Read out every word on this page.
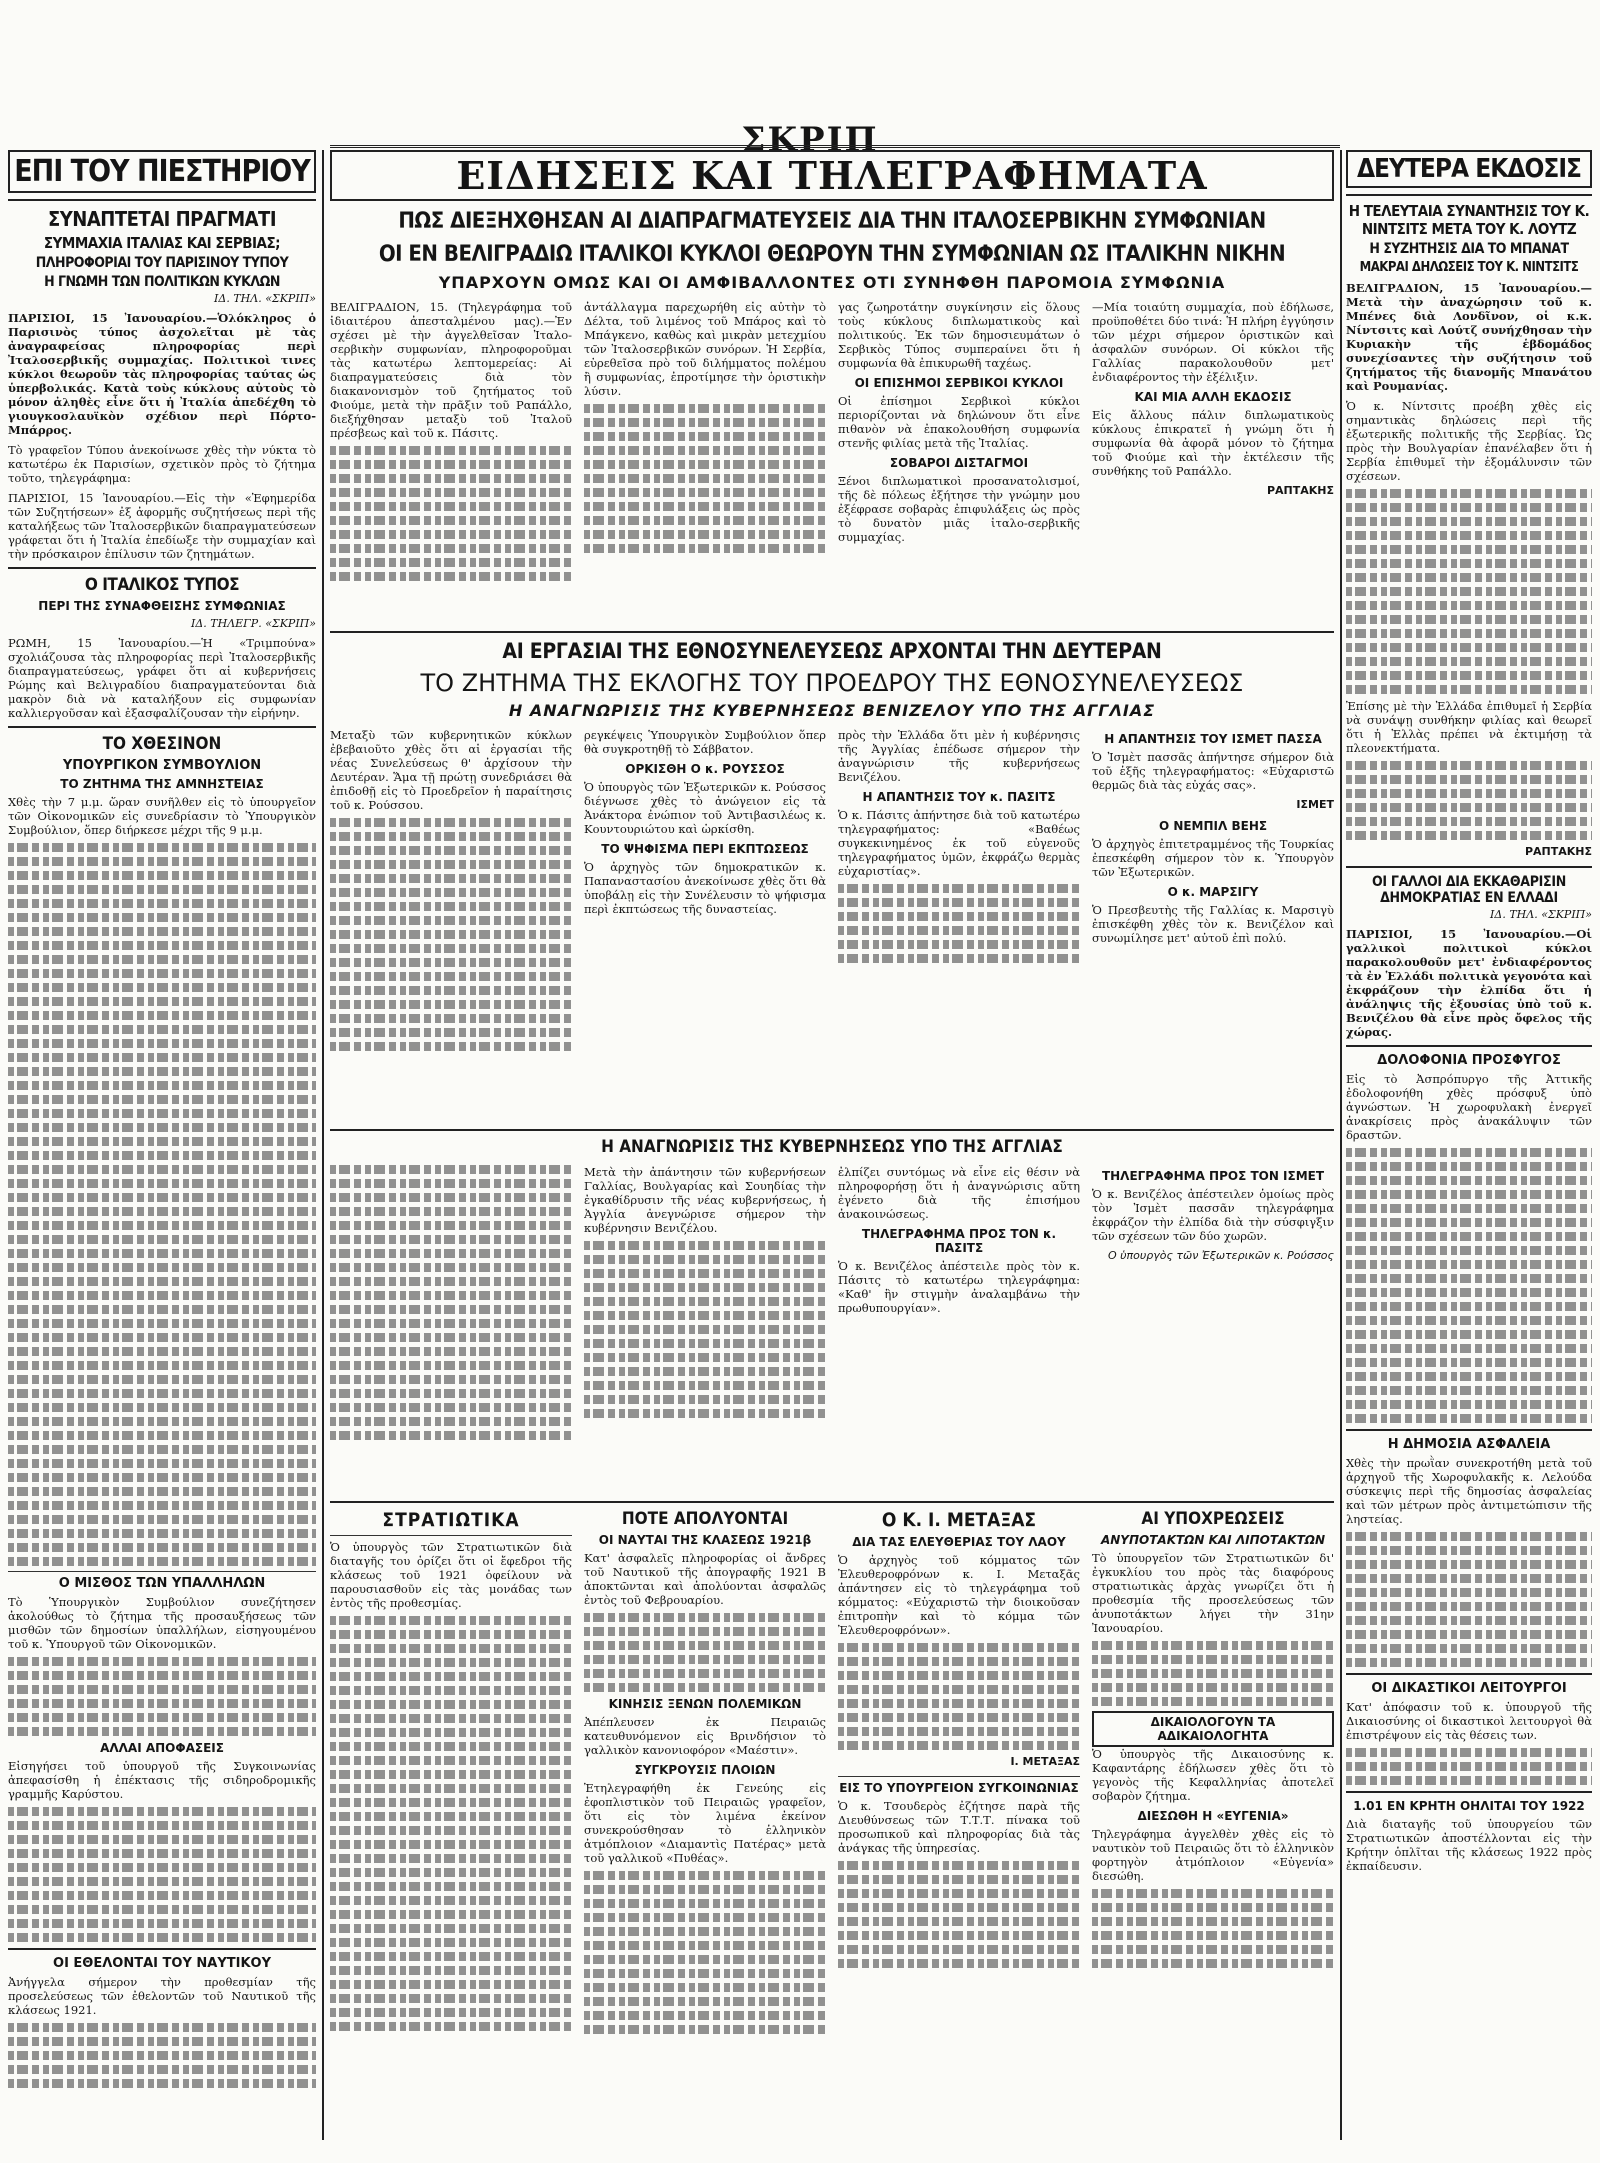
ΣΚΡΙΠ
ΕΠΙ ΤΟΥ ΠΙΕΣΤΗΡΙΟΥ
ΣΥΝΑΠΤΕΤΑΙ ΠΡΑΓΜΑΤΙ
ΣΥΜΜΑΧΙΑ ΙΤΑΛΙΑΣ ΚΑΙ ΣΕΡΒΙΑΣ;
ΠΛΗΡΟΦΟΡΙΑΙ ΤΟΥ ΠΑΡΙΣΙΝΟΥ ΤΥΠΟΥ
Η ΓΝΩΜΗ ΤΩΝ ΠΟΛΙΤΙΚΩΝ ΚΥΚΛΩΝ
ΙΔ. ΤΗΛ. «ΣΚΡΙΠ»

ΠΑΡΙΣΙΟΙ, 15 Ἰανουαρίου.—Ὁλόκληρος ὁ Παρισινὸς τύπος ἀσχολεῖται μὲ τὰς ἀναγραφείσας πληροφορίας περὶ Ἰταλοσερβικῆς συμμαχίας. Πολιτικοὶ τινες κύκλοι θεωροῦν τὰς πληροφορίας ταύτας ὡς ὑπερβολικάς. Κατὰ τοὺς κύκλους αὐτοὺς τὸ μόνον ἀληθὲς εἶνε ὅτι ἡ Ἰταλία ἀπεδέχθη τὸ γιουγκοσλαυϊκὸν σχέδιον περὶ Πόρτο-Μπάρρος.

Τὸ γραφεῖον Τύπου ἀνεκοίνωσε χθὲς τὴν νύκτα τὸ κατωτέρω ἐκ Παρισίων, σχετικὸν πρὸς τὸ ζήτημα τοῦτο, τηλεγράφημα:

ΠΑΡΙΣΙΟΙ, 15 Ἰανουαρίου.—Εἰς τὴν «Ἐφημερίδα τῶν Συζητήσεων» ἐξ ἀφορμῆς συζητήσεως περὶ τῆς καταλήξεως τῶν Ἰταλοσερβικῶν διαπραγματεύσεων γράφεται ὅτι ἡ Ἰταλία ἐπεδίωξε τὴν συμμαχίαν καὶ τὴν πρόσκαιρον ἐπίλυσιν τῶν ζητημάτων.

Ο ΙΤΑΛΙΚΟΣ ΤΥΠΟΣ
ΠΕΡΙ ΤΗΣ ΣΥΝΑΦΘΕΙΣΗΣ ΣΥΜΦΩΝΙΑΣ
ΙΔ. ΤΗΛΕΓΡ. «ΣΚΡΙΠ»

ΡΩΜΗ, 15 Ἰανουαρίου.—Ἡ «Τριμπούνα» σχολιάζουσα τὰς πληροφορίας περὶ Ἰταλοσερβικῆς διαπραγματεύσεως, γράφει ὅτι αἱ κυβερνήσεις Ρώμης καὶ Βελιγραδίου διαπραγματεύονται διὰ μακρὸν διὰ νὰ καταλήξουν εἰς συμφωνίαν καλλιεργοῦσαν καὶ ἐξασφαλίζουσαν τὴν εἰρήνην.

ΤΟ ΧΘΕΣΙΝΟΝ
ΥΠΟΥΡΓΙΚΟΝ ΣΥΜΒΟΥΛΙΟΝ
ΤΟ ΖΗΤΗΜΑ ΤΗΣ ΑΜΝΗΣΤΕΙΑΣ

Χθὲς τὴν 7 μ.μ. ὥραν συνῆλθεν εἰς τὸ ὑπουργεῖον τῶν Οἰκονομικῶν εἰς συνεδρίασιν τὸ Ὑπουργικὸν Συμβούλιον, ὅπερ διήρκεσε μέχρι τῆς 9 μ.μ.

Ο ΜΙΣΘΟΣ ΤΩΝ ΥΠΑΛΛΗΛΩΝ

Τὸ Ὑπουργικὸν Συμβούλιον συνεζήτησεν ἀκολούθως τὸ ζήτημα τῆς προσαυξήσεως τῶν μισθῶν τῶν δημοσίων ὑπαλλήλων, εἰσηγουμένου τοῦ κ. Ὑπουργοῦ τῶν Οἰκονομικῶν.

ΑΛΛΑΙ ΑΠΟΦΑΣΕΙΣ

Εἰσηγήσει τοῦ ὑπουργοῦ τῆς Συγκοινωνίας ἀπεφασίσθη ἡ ἐπέκτασις τῆς σιδηροδρομικῆς γραμμῆς Καρύστου.

ΟΙ ΕΘΕΛΟΝΤΑΙ ΤΟΥ ΝΑΥΤΙΚΟΥ

Ἀνήγγελα σήμερον τὴν προθεσμίαν τῆς προσελεύσεως τῶν ἐθελοντῶν τοῦ Ναυτικοῦ τῆς κλάσεως 1921.

ΕΙΔΗΣΕΙΣ ΚΑΙ ΤΗΛΕΓΡΑΦΗΜΑΤΑ
ΠΩΣ ΔΙΕΞΗΧΘΗΣΑΝ ΑΙ ΔΙΑΠΡΑΓΜΑΤΕΥΣΕΙΣ ΔΙΑ ΤΗΝ ΙΤΑΛΟΣΕΡΒΙΚΗΝ ΣΥΜΦΩΝΙΑΝ
ΟΙ ΕΝ ΒΕΛΙΓΡΑΔΙΩ ΙΤΑΛΙΚΟΙ ΚΥΚΛΟΙ ΘΕΩΡΟΥΝ ΤΗΝ ΣΥΜΦΩΝΙΑΝ ΩΣ ΙΤΑΛΙΚΗΝ ΝΙΚΗΝ
ΥΠΑΡΧΟΥΝ ΟΜΩΣ ΚΑΙ ΟΙ ΑΜΦΙΒΑΛΛΟΝΤΕΣ ΟΤΙ ΣΥΝΗΦΘΗ ΠΑΡΟΜΟΙΑ ΣΥΜΦΩΝΙΑ

ΒΕΛΙΓΡΑΔΙΟΝ, 15. (Τηλεγράφημα τοῦ ἰδιαιτέρου ἀπεσταλμένου μας).—Ἐν σχέσει μὲ τὴν ἀγγελθεῖσαν Ἰταλο-σερβικὴν συμφωνίαν, πληροφοροῦμαι τὰς κατωτέρω λεπτομερείας: Αἱ διαπραγματεύσεις διὰ τὸν διακανονισμὸν τοῦ ζητήματος τοῦ Φιούμε, μετὰ τὴν πρᾶξιν τοῦ Ραπάλλο, διεξήχθησαν μεταξὺ τοῦ Ἰταλοῦ πρέσβεως καὶ τοῦ κ. Πάσιτς.

ἀντάλλαγμα παρεχωρήθη εἰς αὐτὴν τὸ Δέλτα, τοῦ λιμένος τοῦ Μπάρος καὶ τὸ Μπάγκενο, καθὼς καὶ μικρὰν μετεχμίου τῶν Ἰταλοσερβικῶν συνόρων. Ἡ Σερβία, εὑρεθεῖσα πρὸ τοῦ διλήμματος πολέμου ἢ συμφωνίας, ἐπροτίμησε τὴν ὁριστικὴν λύσιν.

γας ζωηροτάτην συγκίνησιν εἰς ὅλους τοὺς κύκλους διπλωματικοὺς καὶ πολιτικούς. Ἐκ τῶν δημοσιευμάτων ὁ Σερβικὸς Τύπος συμπεραίνει ὅτι ἡ συμφωνία θὰ ἐπικυρωθῆ ταχέως.

ΟΙ ΕΠΙΣΗΜΟΙ ΣΕΡΒΙΚΟΙ ΚΥΚΛΟΙ

Οἱ ἐπίσημοι Σερβικοὶ κύκλοι περιορίζονται νὰ δηλώνουν ὅτι εἶνε πιθανὸν νὰ ἐπακολουθήση συμφωνία στενῆς φιλίας μετὰ τῆς Ἰταλίας.

ΣΟΒΑΡΟΙ ΔΙΣΤΑΓΜΟΙ

Ξένοι διπλωματικοὶ προσανατολισμοί, τῆς δὲ πόλεως ἐξήτησε τὴν γνώμην μου ἐξέφρασε σοβαρὰς ἐπιφυλάξεις ὡς πρὸς τὸ δυνατὸν μιᾶς ἰταλο-σερβικῆς συμμαχίας.

—Μία τοιαύτη συμμαχία, ποὺ ἐδήλωσε, προϋποθέτει δύο τινά: Ἡ πλήρη ἐγγύησιν τῶν μέχρι σήμερον ὁριστικῶν καὶ ἀσφαλῶν συνόρων. Οἱ κύκλοι τῆς Γαλλίας παρακολουθοῦν μετ' ἐνδιαφέροντος τὴν ἐξέλιξιν.

ΚΑΙ ΜΙΑ ΑΛΛΗ ΕΚΔΟΣΙΣ

Εἰς ἄλλους πάλιν διπλωματικοὺς κύκλους ἐπικρατεῖ ἡ γνώμη ὅτι ἡ συμφωνία θὰ ἀφορᾶ μόνον τὸ ζήτημα τοῦ Φιούμε καὶ τὴν ἐκτέλεσιν τῆς συνθήκης τοῦ Ραπάλλο.

ΡΑΠΤΑΚΗΣ
ΑΙ ΕΡΓΑΣΙΑΙ ΤΗΣ ΕΘΝΟΣΥΝΕΛΕΥΣΕΩΣ ΑΡΧΟΝΤΑΙ ΤΗΝ ΔΕΥΤΕΡΑΝ
ΤΟ ΖΗΤΗΜΑ ΤΗΣ ΕΚΛΟΓΗΣ ΤΟΥ ΠΡΟΕΔΡΟΥ ΤΗΣ ΕΘΝΟΣΥΝΕΛΕΥΣΕΩΣ
Η ΑΝΑΓΝΩΡΙΣΙΣ ΤΗΣ ΚΥΒΕΡΝΗΣΕΩΣ ΒΕΝΙΖΕΛΟΥ ΥΠΟ ΤΗΣ ΑΓΓΛΙΑΣ

Μεταξὺ τῶν κυβερνητικῶν κύκλων ἐβεβαιοῦτο χθὲς ὅτι αἱ ἐργασίαι τῆς νέας Συνελεύσεως θ' ἀρχίσουν τὴν Δευτέραν. Ἅμα τῇ πρώτῃ συνεδριάσει θὰ ἐπιδοθῇ εἰς τὸ Προεδρεῖον ἡ παραίτησις τοῦ κ. Ρούσσου.

ρεγκέψεις Ὑπουργικὸν Συμβούλιον ὅπερ θὰ συγκροτηθῇ τὸ Σάββατον.

ΟΡΚΙΣΘΗ Ο κ. ΡΟΥΣΣΟΣ

Ὁ ὑπουργὸς τῶν Ἐξωτερικῶν κ. Ρούσσος διέγνωσε χθὲς τὸ ἀνώγειον εἰς τὰ Ἀνάκτορα ἐνώπιον τοῦ Ἀντιβασιλέως κ. Κουντουριώτου καὶ ὡρκίσθη.

ΤΟ ΨΗΦΙΣΜΑ ΠΕΡΙ ΕΚΠΤΩΣΕΩΣ

Ὁ ἀρχηγὸς τῶν δημοκρατικῶν κ. Παπαναστασίου ἀνεκοίνωσε χθὲς ὅτι θὰ ὑποβάλῃ εἰς τὴν Συνέλευσιν τὸ ψήφισμα περὶ ἐκπτώσεως τῆς δυναστείας.

πρὸς τὴν Ἑλλάδα ὅτι μὲν ἡ κυβέρνησις τῆς Ἀγγλίας ἐπέδωσε σήμερον τὴν ἀναγνώρισιν τῆς κυβερνήσεως Βενιζέλου.

Η ΑΠΑΝΤΗΣΙΣ ΤΟΥ κ. ΠΑΣΙΤΣ

Ὁ κ. Πάσιτς ἀπήντησε διὰ τοῦ κατωτέρω τηλεγραφήματος: «Βαθέως συγκεκινημένος ἐκ τοῦ εὐγενοῦς τηλεγραφήματος ὑμῶν, ἐκφράζω θερμὰς εὐχαριστίας».

Η ΑΠΑΝΤΗΣΙΣ ΤΟΥ ΙΣΜΕΤ ΠΑΣΣΑ

Ὁ Ἰσμὲτ πασσᾶς ἀπήντησε σήμερον διὰ τοῦ ἑξῆς τηλεγραφήματος: «Εὐχαριστῶ θερμῶς διὰ τὰς εὐχάς σας».

ΙΣΜΕΤ
Ο ΝΕΜΠΙΛ ΒΕΗΣ

Ὁ ἀρχηγὸς ἐπιτετραμμένος τῆς Τουρκίας ἐπεσκέφθη σήμερον τὸν κ. Ὑπουργὸν τῶν Ἐξωτερικῶν.

Ο κ. ΜΑΡΣΙΓΥ

Ὁ Πρεσβευτὴς τῆς Γαλλίας κ. Μαρσιγὺ ἐπισκέφθη χθὲς τὸν κ. Βενιζέλον καὶ συνωμίλησε μετ' αὐτοῦ ἐπὶ πολύ.

Η ΑΝΑΓΝΩΡΙΣΙΣ ΤΗΣ ΚΥΒΕΡΝΗΣΕΩΣ ΥΠΟ ΤΗΣ ΑΓΓΛΙΑΣ

Μετὰ τὴν ἀπάντησιν τῶν κυβερνήσεων Γαλλίας, Βουλγαρίας καὶ Σουηδίας τὴν ἐγκαθίδρυσιν τῆς νέας κυβερνήσεως, ἡ Ἀγγλία ἀνεγνώρισε σήμερον τὴν κυβέρνησιν Βενιζέλου.

ἐλπίζει συντόμως νὰ εἶνε εἰς θέσιν νὰ πληροφορήσῃ ὅτι ἡ ἀναγνώρισις αὕτη ἐγένετο διὰ τῆς ἐπισήμου ἀνακοινώσεως.

ΤΗΛΕΓΡΑΦΗΜΑ ΠΡΟΣ ΤΟΝ κ. ΠΑΣΙΤΣ

Ὁ κ. Βενιζέλος ἀπέστειλε πρὸς τὸν κ. Πάσιτς τὸ κατωτέρω τηλεγράφημα: «Καθ' ἣν στιγμὴν ἀναλαμβάνω τὴν πρωθυπουργίαν».

ΤΗΛΕΓΡΑΦΗΜΑ ΠΡΟΣ ΤΟΝ ΙΣΜΕΤ

Ὁ κ. Βενιζέλος ἀπέστειλεν ὁμοίως πρὸς τὸν Ἰσμὲτ πασσᾶν τηλεγράφημα ἐκφράζον τὴν ἐλπίδα διὰ τὴν σύσφιγξιν τῶν σχέσεων τῶν δύο χωρῶν.

Ο ὑπουργὸς τῶν Ἐξωτερικῶν κ. Ρούσσος
ΣΤΡΑΤΙΩΤΙΚΑ

Ὁ ὑπουργὸς τῶν Στρατιωτικῶν διὰ διαταγῆς του ὁρίζει ὅτι οἱ ἔφεδροι τῆς κλάσεως τοῦ 1921 ὀφείλουν νὰ παρουσιασθοῦν εἰς τὰς μονάδας των ἐντὸς τῆς προθεσμίας.

ΠΟΤΕ ΑΠΟΛΥΟΝΤΑΙ
ΟΙ ΝΑΥΤΑΙ ΤΗΣ ΚΛΑΣΕΩΣ 1921β

Κατ' ἀσφαλεῖς πληροφορίας οἱ ἄνδρες τοῦ Ναυτικοῦ τῆς ἀπογραφῆς 1921 Β ἀποκτῶνται καὶ ἀπολύονται ἀσφαλῶς ἐντὸς τοῦ Φεβρουαρίου.

ΚΙΝΗΣΙΣ ΞΕΝΩΝ ΠΟΛΕΜΙΚΩΝ

Ἀπέπλευσεν ἐκ Πειραιῶς κατευθυνόμενον εἰς Βρινδήσιον τὸ γαλλικὸν κανονιοφόρον «Μαέστιν».

ΣΥΓΚΡΟΥΣΙΣ ΠΛΟΙΩΝ

Ἐτηλεγραφήθη ἐκ Γενεύης εἰς ἐφοπλιστικὸν τοῦ Πειραιῶς γραφεῖον, ὅτι εἰς τὸν λιμένα ἐκείνον συνεκρούσθησαν τὸ ἑλληνικὸν ἀτμόπλοιον «Διαμαντὶς Πατέρας» μετὰ τοῦ γαλλικοῦ «Πυθέας».

Ο Κ. Ι. ΜΕΤΑΞΑΣ
ΔΙΑ ΤΑΣ ΕΛΕΥΘΕΡΙΑΣ ΤΟΥ ΛΑΟΥ

Ὁ ἀρχηγὸς τοῦ κόμματος τῶν Ἐλευθεροφρόνων κ. Ι. Μεταξᾶς ἀπάντησεν εἰς τὸ τηλεγράφημα τοῦ κόμματος: «Εὐχαριστῶ τὴν διοικοῦσαν ἐπιτροπὴν καὶ τὸ κόμμα τῶν Ἐλευθεροφρόνων».

Ι. ΜΕΤΑΞΑΣ
ΕΙΣ ΤΟ ΥΠΟΥΡΓΕΙΟΝ ΣΥΓΚΟΙΝΩΝΙΑΣ

Ὁ κ. Τσουδερὸς ἐζήτησε παρὰ τῆς Διευθύνσεως τῶν Τ.Τ.Τ. πίνακα τοῦ προσωπικοῦ καὶ πληροφορίας διὰ τὰς ἀνάγκας τῆς ὑπηρεσίας.

ΑΙ ΥΠΟΧΡΕΩΣΕΙΣ
ΑΝΥΠΟΤΑΚΤΩΝ ΚΑΙ ΛΙΠΟΤΑΚΤΩΝ

Τὸ ὑπουργεῖον τῶν Στρατιωτικῶν δι' ἐγκυκλίου του πρὸς τὰς διαφόρους στρατιωτικὰς ἀρχὰς γνωρίζει ὅτι ἡ προθεσμία τῆς προσελεύσεως τῶν ἀνυποτάκτων λήγει τὴν 31ην Ἰανουαρίου.

ΔΙΚΑΙΟΛΟΓΟΥΝ ΤΑ ΑΔΙΚΑΙΟΛΟΓΗΤΑ

Ὁ ὑπουργὸς τῆς Δικαιοσύνης κ. Καφαντάρης ἐδήλωσεν χθὲς ὅτι τὸ γεγονὸς τῆς Κεφαλληνίας ἀποτελεῖ σοβαρὸν ζήτημα.

ΔΙΕΣΩΘΗ Η «ΕΥΓΕΝΙΑ»

Τηλεγράφημα ἀγγελθὲν χθὲς εἰς τὸ ναυτικὸν τοῦ Πειραιῶς ὅτι τὸ ἑλληνικὸν φορτηγὸν ἀτμόπλοιον «Εὐγενία» διεσώθη.

ΔΕΥΤΕΡΑ ΕΚΔΟΣΙΣ
Η ΤΕΛΕΥΤΑΙΑ ΣΥΝΑΝΤΗΣΙΣ ΤΟΥ Κ. ΝΙΝΤΣΙΤΣ ΜΕΤΑ ΤΟΥ Κ. ΛΟΥΤΖ
Η ΣΥΖΗΤΗΣΙΣ ΔΙΑ ΤΟ ΜΠΑΝΑΤ
ΜΑΚΡΑΙ ΔΗΛΩΣΕΙΣ ΤΟΥ Κ. ΝΙΝΤΣΙΤΣ

ΒΕΛΙΓΡΑΔΙΟΝ, 15 Ἰανουαρίου.—Μετὰ τὴν ἀναχώρησιν τοῦ κ. Μπένες διὰ Λονδῖνον, οἱ κ.κ. Νίντσιτς καὶ Λούτζ συνήχθησαν τὴν Κυριακὴν τῆς ἑβδομάδος συνεχίσαντες τὴν συζήτησιν τοῦ ζητήματος τῆς διανομῆς Μπανάτου καὶ Ρουμανίας.

Ὁ κ. Νίντσιτς προέβη χθὲς εἰς σημαντικὰς δηλώσεις περὶ τῆς ἐξωτερικῆς πολιτικῆς τῆς Σερβίας. Ὡς πρὸς τὴν Βουλγαρίαν ἐπανέλαβεν ὅτι ἡ Σερβία ἐπιθυμεῖ τὴν ἐξομάλυνσιν τῶν σχέσεων.

Ἐπίσης μὲ τὴν Ἑλλάδα ἐπιθυμεῖ ἡ Σερβία νὰ συνάψῃ συνθήκην φιλίας καὶ θεωρεῖ ὅτι ἡ Ἑλλὰς πρέπει νὰ ἐκτιμήσῃ τὰ πλεονεκτήματα.

ΡΑΠΤΑΚΗΣ
ΟΙ ΓΑΛΛΟΙ ΔΙΑ ΕΚΚΑΘΑΡΙΣΙΝ
ΔΗΜΟΚΡΑΤΙΑΣ ΕΝ ΕΛΛΑΔΙ
ΙΔ. ΤΗΛ. «ΣΚΡΙΠ»

ΠΑΡΙΣΙΟΙ, 15 Ἰανουαρίου.—Οἱ γαλλικοὶ πολιτικοὶ κύκλοι παρακολουθοῦν μετ' ἐνδιαφέροντος τὰ ἐν Ἑλλάδι πολιτικὰ γεγονότα καὶ ἐκφράζουν τὴν ἐλπίδα ὅτι ἡ ἀνάληψις τῆς ἐξουσίας ὑπὸ τοῦ κ. Βενιζέλου θὰ εἶνε πρὸς ὄφελος τῆς χώρας.

ΔΟΛΟΦΟΝΙΑ ΠΡΟΣΦΥΓΟΣ

Εἰς τὸ Ἀσπρόπυργο τῆς Ἀττικῆς ἐδολοφονήθη χθὲς πρόσφυξ ὑπὸ ἀγνώστων. Ἡ χωροφυλακὴ ἐνεργεῖ ἀνακρίσεις πρὸς ἀνακάλυψιν τῶν δραστῶν.

Η ΔΗΜΟΣΙΑ ΑΣΦΑΛΕΙΑ

Χθὲς τὴν πρωῒαν συνεκροτήθη μετὰ τοῦ ἀρχηγοῦ τῆς Χωροφυλακῆς κ. Λελούδα σύσκεψις περὶ τῆς δημοσίας ἀσφαλείας καὶ τῶν μέτρων πρὸς ἀντιμετώπισιν τῆς ληστείας.

ΟΙ ΔΙΚΑΣΤΙΚΟΙ ΛΕΙΤΟΥΡΓΟΙ

Κατ' ἀπόφασιν τοῦ κ. ὑπουργοῦ τῆς Δικαιοσύνης οἱ δικαστικοὶ λειτουργοὶ θὰ ἐπιστρέψουν εἰς τὰς θέσεις των.

1.01 ΕΝ ΚΡΗΤΗ ΟΗΛΙΤΑΙ ΤΟΥ 1922

Διὰ διαταγῆς τοῦ ὑπουργείου τῶν Στρατιωτικῶν ἀποστέλλονται εἰς τὴν Κρήτην ὁπλῖται τῆς κλάσεως 1922 πρὸς ἐκπαίδευσιν.
